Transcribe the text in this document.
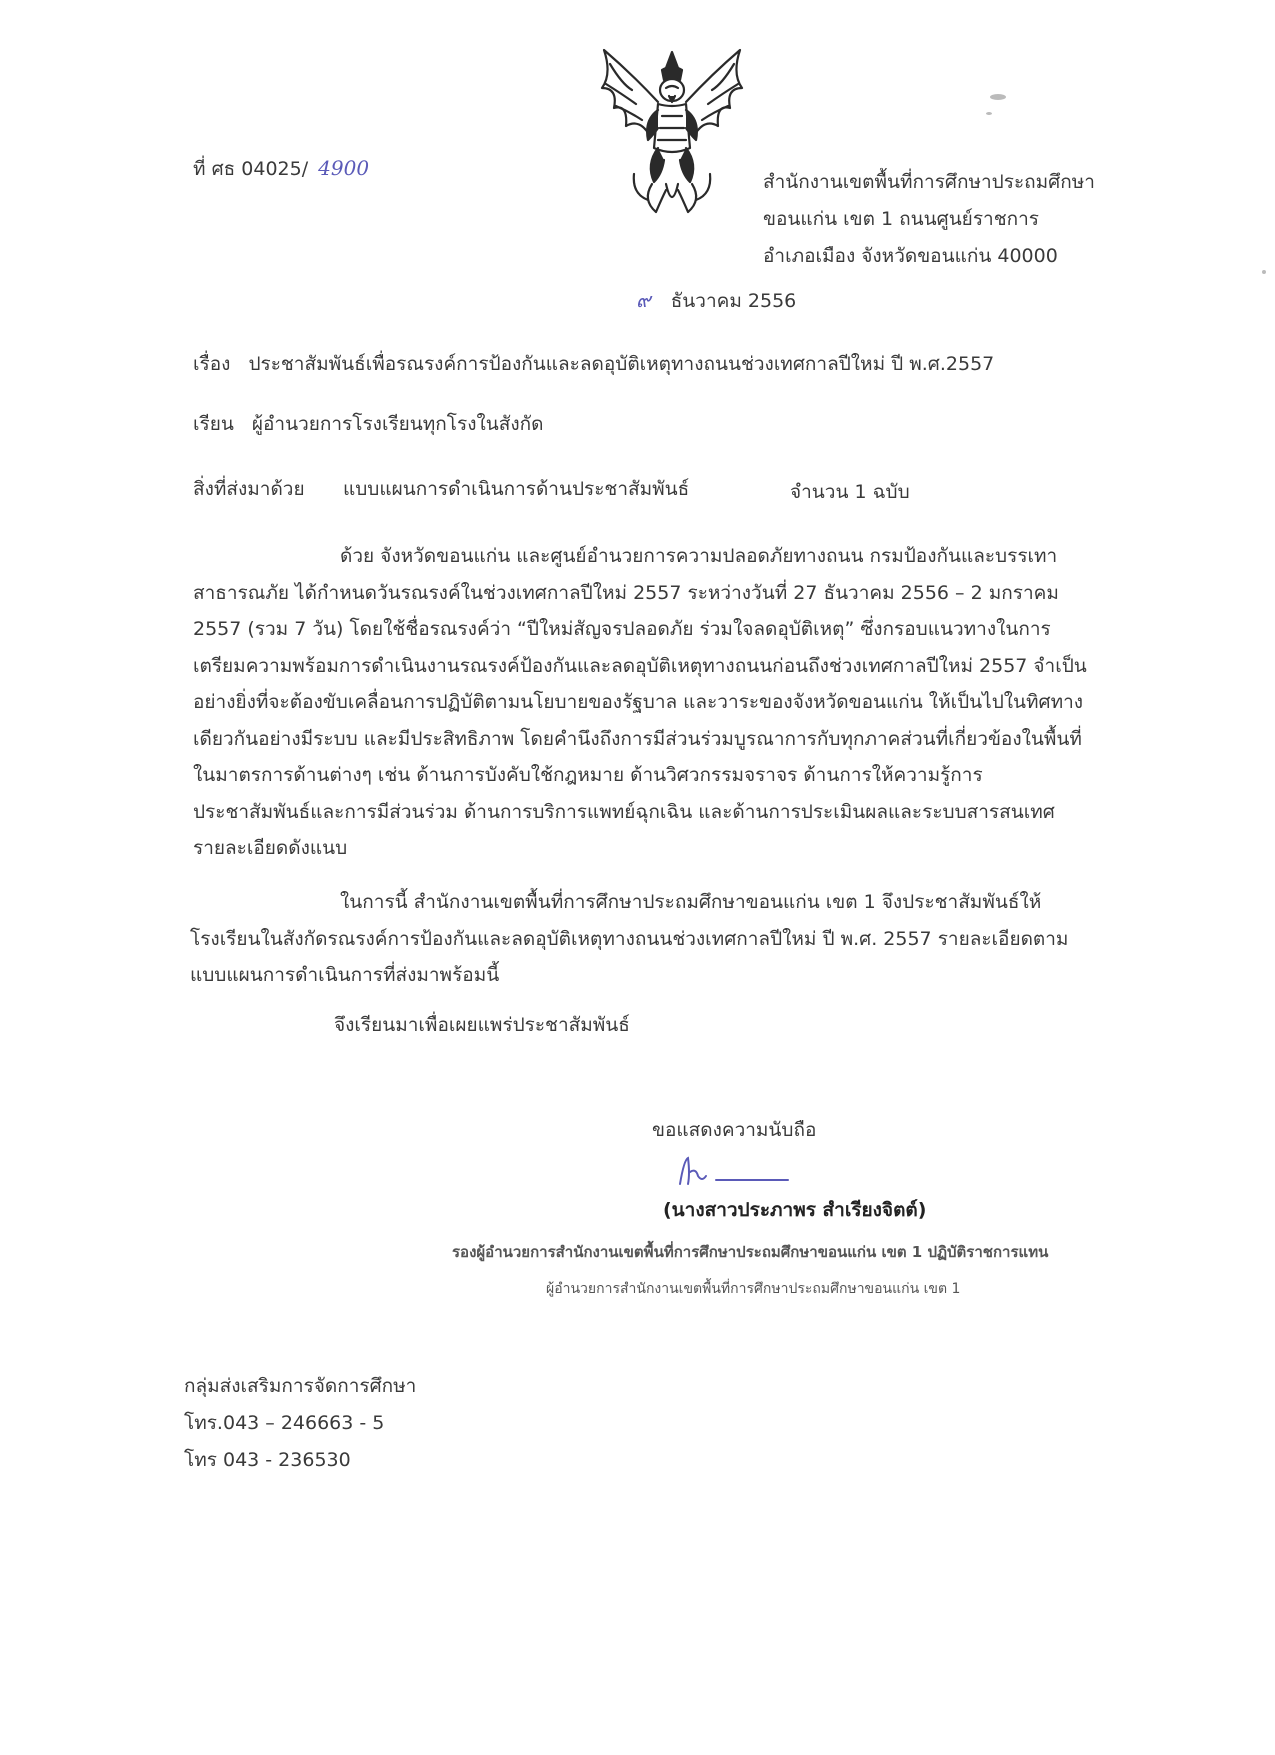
ที่ ศธ 04025/ 4900
สำนักงานเขตพื้นที่การศึกษาประถมศึกษา
ขอนแก่น เขต 1 ถนนศูนย์ราชการ
อำเภอเมือง จังหวัดขอนแก่น 40000
๙ ธันวาคม 2556
เรื่อง ประชาสัมพันธ์เพื่อรณรงค์การป้องกันและลดอุบัติเหตุทางถนนช่วงเทศกาลปีใหม่ ปี พ.ศ.2557
เรียน ผู้อำนวยการโรงเรียนทุกโรงในสังกัด
สิ่งที่ส่งมาด้วย แบบแผนการดำเนินการด้านประชาสัมพันธ์	จำนวน 1 ฉบับ
ด้วย จังหวัดขอนแก่น และศูนย์อำนวยการความปลอดภัยทางถนน กรมป้องกันและบรรเทา
สาธารณภัย ได้กำหนดวันรณรงค์ในช่วงเทศกาลปีใหม่ 2557 ระหว่างวันที่ 27 ธันวาคม 2556 – 2 มกราคม
2557 (รวม 7 วัน) โดยใช้ชื่อรณรงค์ว่า “ปีใหม่สัญจรปลอดภัย ร่วมใจลดอุบัติเหตุ” ซึ่งกรอบแนวทางในการ
เตรียมความพร้อมการดำเนินงานรณรงค์ป้องกันและลดอุบัติเหตุทางถนนก่อนถึงช่วงเทศกาลปีใหม่ 2557 จำเป็น
อย่างยิ่งที่จะต้องขับเคลื่อนการปฏิบัติตามนโยบายของรัฐบาล และวาระของจังหวัดขอนแก่น ให้เป็นไปในทิศทาง
เดียวกันอย่างมีระบบ และมีประสิทธิภาพ โดยคำนึงถึงการมีส่วนร่วมบูรณาการกับทุกภาคส่วนที่เกี่ยวข้องในพื้นที่
ในมาตรการด้านต่างๆ เช่น ด้านการบังคับใช้กฎหมาย ด้านวิศวกรรมจราจร ด้านการให้ความรู้การ
ประชาสัมพันธ์และการมีส่วนร่วม ด้านการบริการแพทย์ฉุกเฉิน และด้านการประเมินผลและระบบสารสนเทศ
รายละเอียดดังแนบ
ในการนี้ สำนักงานเขตพื้นที่การศึกษาประถมศึกษาขอนแก่น เขต 1 จึงประชาสัมพันธ์ให้
โรงเรียนในสังกัดรณรงค์การป้องกันและลดอุบัติเหตุทางถนนช่วงเทศกาลปีใหม่ ปี พ.ศ. 2557 รายละเอียดตาม
แบบแผนการดำเนินการที่ส่งมาพร้อมนี้
จึงเรียนมาเพื่อเผยแพร่ประชาสัมพันธ์
ขอแสดงความนับถือ
(นางสาวประภาพร สำเรียงจิตต์)
รองผู้อำนวยการสำนักงานเขตพื้นที่การศึกษาประถมศึกษาขอนแก่น เขต 1 ปฏิบัติราชการแทน
ผู้อำนวยการสำนักงานเขตพื้นที่การศึกษาประถมศึกษาขอนแก่น เขต 1
กลุ่มส่งเสริมการจัดการศึกษา
โทร.043 – 246663 - 5
โทร 043 - 236530
